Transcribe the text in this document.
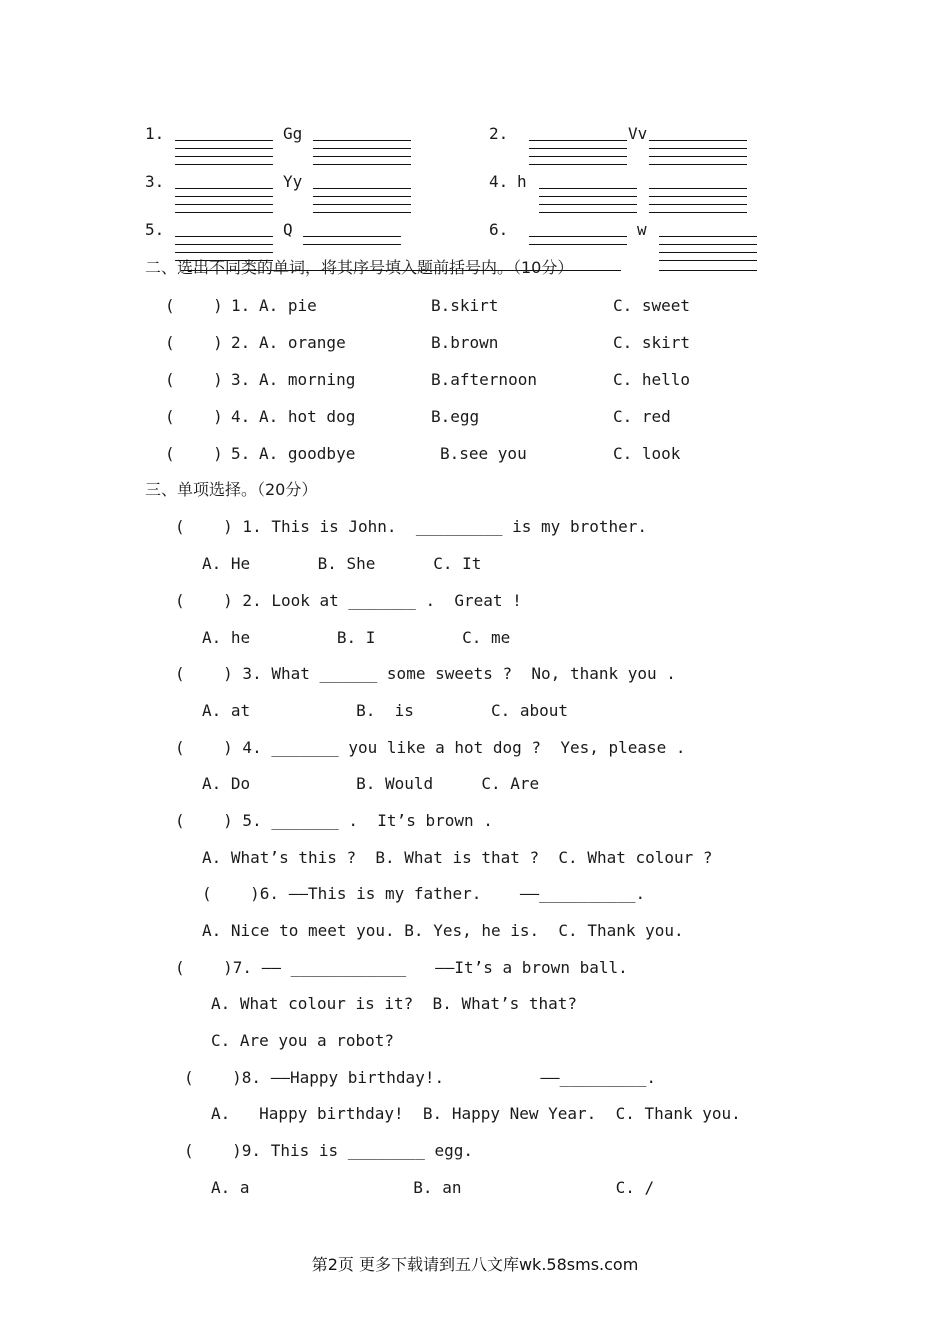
1.	Gg	2.	Vv
3.	Yy	4. h
5.	Q	6.	w
二、选出不同类的单词，将其序号填入题前括号内。（10分）
(    ) 1. A. pie	B.skirt	C. sweet
(    ) 2. A. orange	B.brown	C. skirt
(    ) 3. A. morning	B.afternoon	C. hello
(    ) 4. A. hot dog	B.egg	C. red
(    ) 5. A. goodbye	B.see you	C. look
三、单项选择。（20分）
(    ) 1. This is John.  _________ is my brother.
A. He       B. She      C. It
(    ) 2. Look at _______ .  Great !
A. he         B. I         C. me
(    ) 3. What ______ some sweets ?  No, thank you .
A. at           B.  is        C. about
(    ) 4. _______ you like a hot dog ?  Yes, please .
A. Do           B. Would     C. Are
(    ) 5. _______ .  It’s brown .
A. What’s this ?  B. What is that ?  C. What colour ?
(    )6. ——This is my father.    ——__________.
A. Nice to meet you. B. Yes, he is.  C. Thank you.
(    )7. —— ____________   ——It’s a brown ball.
A. What colour is it?  B. What’s that?
C. Are you a robot?
(    )8. ——Happy birthday!.          ——_________.
A.   Happy birthday!  B. Happy New Year.  C. Thank you.
(    )9. This is ________ egg.
A. a                 B. an                C. /
第2页 更多下载请到五八文库wk.58sms.com
